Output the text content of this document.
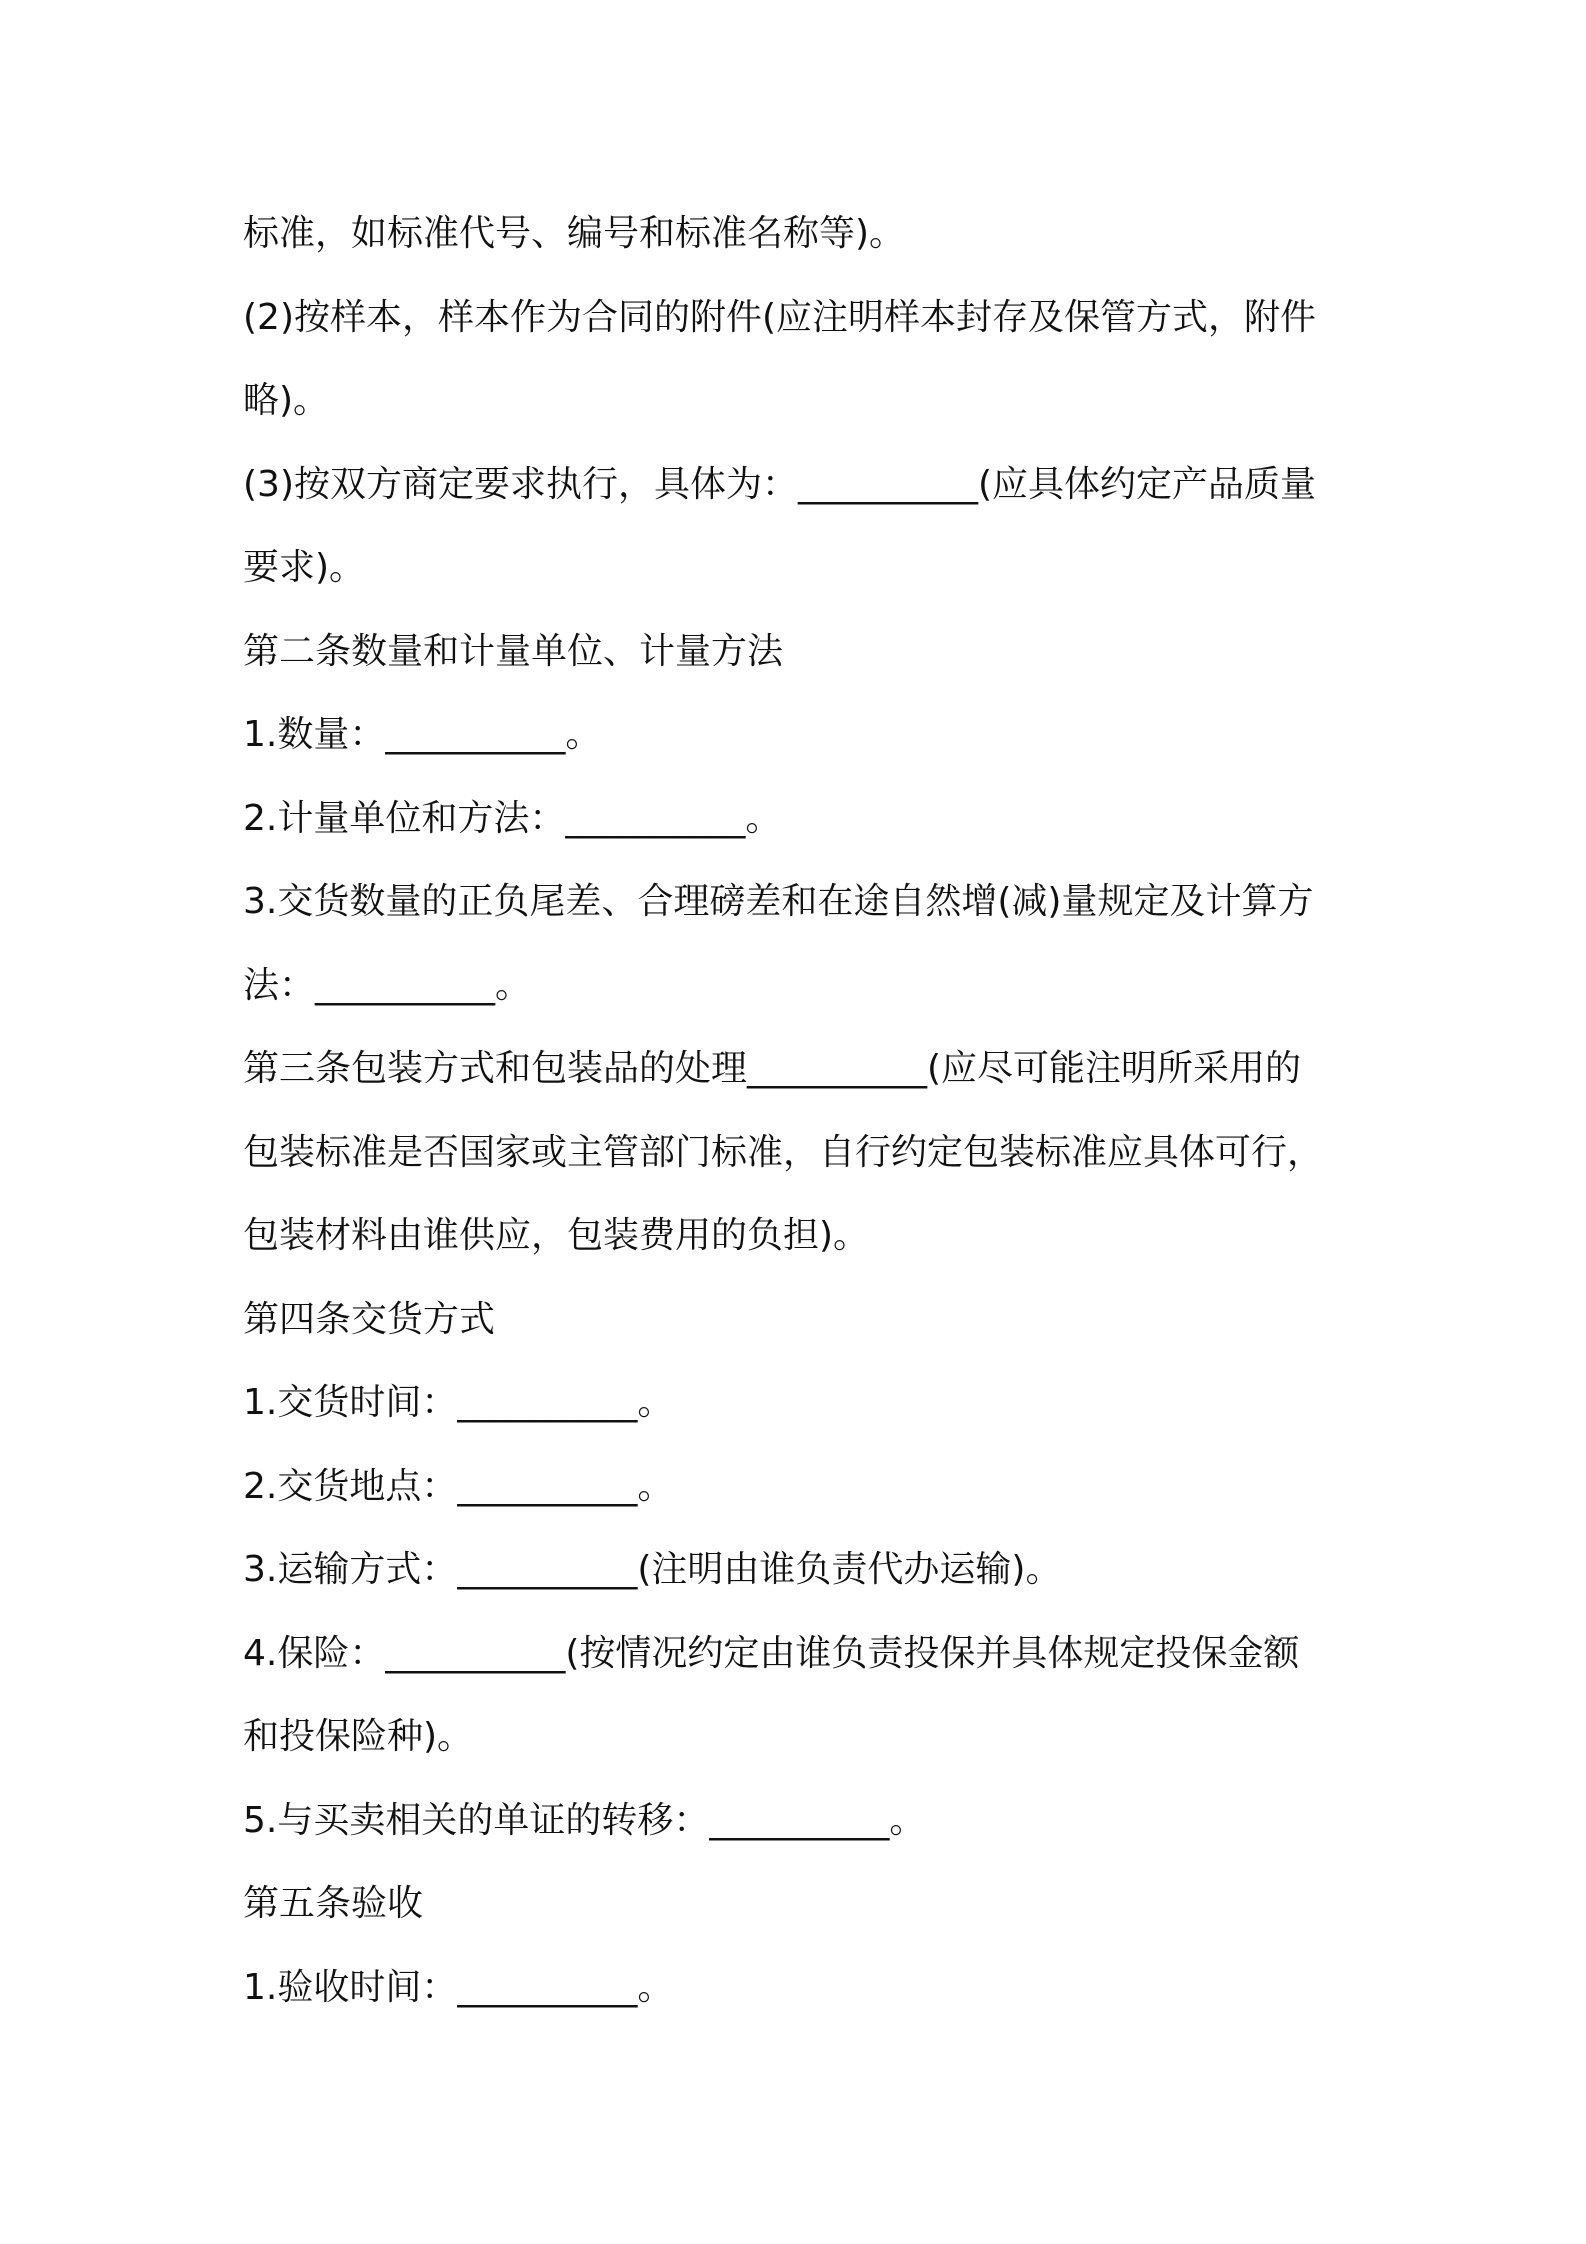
标准，如标准代号、编号和标准名称等)。

(2)按样本，样本作为合同的附件(应注明样本封存及保管方式，附件

略)。

(3)按双方商定要求执行，具体为：__________(应具体约定产品质量

要求)。

第二条数量和计量单位、计量方法

1.数量：__________。

2.计量单位和方法：__________。

3.交货数量的正负尾差、合理磅差和在途自然增(减)量规定及计算方

法：__________。

第三条包装方式和包装品的处理__________(应尽可能注明所采用的

包装标准是否国家或主管部门标准，自行约定包装标准应具体可行，

包装材料由谁供应，包装费用的负担)。

第四条交货方式

1.交货时间：__________。

2.交货地点：__________。

3.运输方式：__________(注明由谁负责代办运输)。

4.保险：__________(按情况约定由谁负责投保并具体规定投保金额

和投保险种)。

5.与买卖相关的单证的转移：__________。

第五条验收

1.验收时间：__________。
